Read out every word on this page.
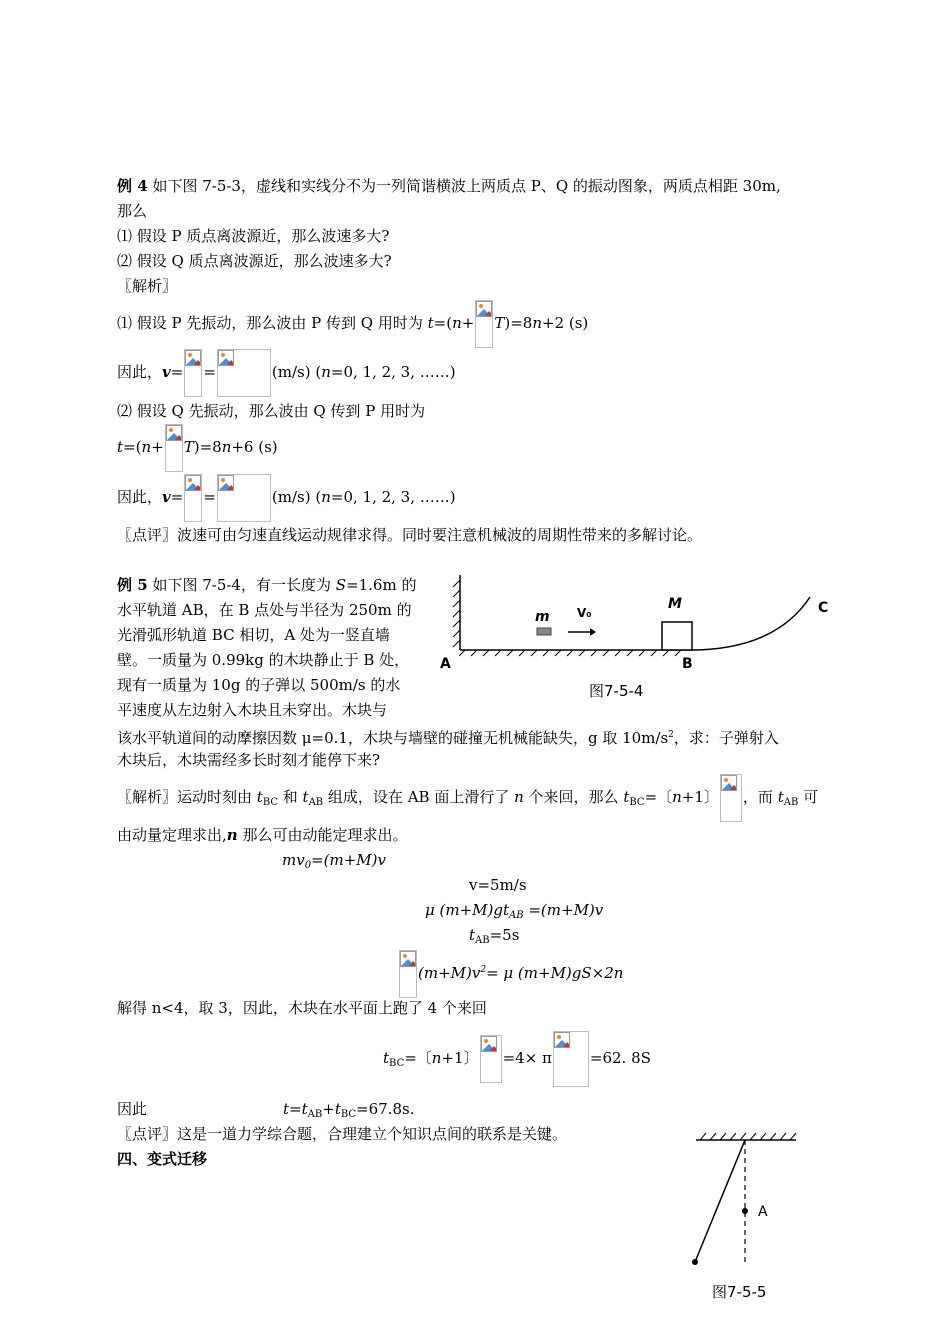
例 4 如下图 7-5-3，虚线和实线分不为一列简谐横波上两质点 P、Q 的振动图象，两质点相距 30m,
那么
⑴ 假设 P 质点离波源近，那么波速多大?
⑵ 假设 Q 质点离波源近，那么波速多大?
〖解析〗
⑴ 假设 P 先振动，那么波由 P 传到 Q 用时为 t=(n+ T)=8n+2 (s)
因此，v= =	(m/s) (n=0, 1, 2, 3, ……)
⑵ 假设 Q 先振动，那么波由 Q 传到 P 用时为
t=(n+ T)=8n+6 (s)
因此，v= =	(m/s) (n=0, 1, 2, 3, ……)
〖点评〗波速可由匀速直线运动规律求得。同时要注意机械波的周期性带来的多解讨论。
例 5 如下图 7-5-4，有一长度为 S=1.6m 的
水平轨道 AB，在 B 点处与半径为 250m 的
光滑弧形轨道 BC 相切，A 处为一竖直墙
壁。一质量为 0.99kg 的木块静止于 B 处，
现有一质量为 10g 的子弹以 500m/s 的水
平速度从左边射入木块且未穿出。木块与
该水平轨道间的动摩擦因数 μ=0.1，木块与墙壁的碰撞无机械能缺失，g 取 $10m/s^2$，求：子弹射入
木块后，木块需经多长时刻才能停下来?
m V₀
M
A	B
C
图7-5-4
〖解析〗运动时刻由 $t_{BC}$ 和 $t_{AB}$ 组成，设在 AB 面上滑行了 n 个来回，那么 $t_{BC}=$〔n+1〕 ，而 $t_{AB}$ 可
由动量定理求出,n 那么可由动能定理求出。
$mv_0=(m+M)v$
v=5m/s
μ $(m+M)gt_{AB} =(m+M)v$
$t_{AB}=5s$
$(m+M)v^2= \mu$ (m+M)gS×2n
解得 n<4，取 3，因此，木块在水平面上跑了 4 个来回
$t_{BC}=$〔n+1〕 =4× π	=62. 8S
因此	$t=t_{AB}+t_{BC}=67.8s$.
〖点评〗这是一道力学综合题，合理建立个知识点间的联系是关键。
四、变式迁移
A
图7-5-5
